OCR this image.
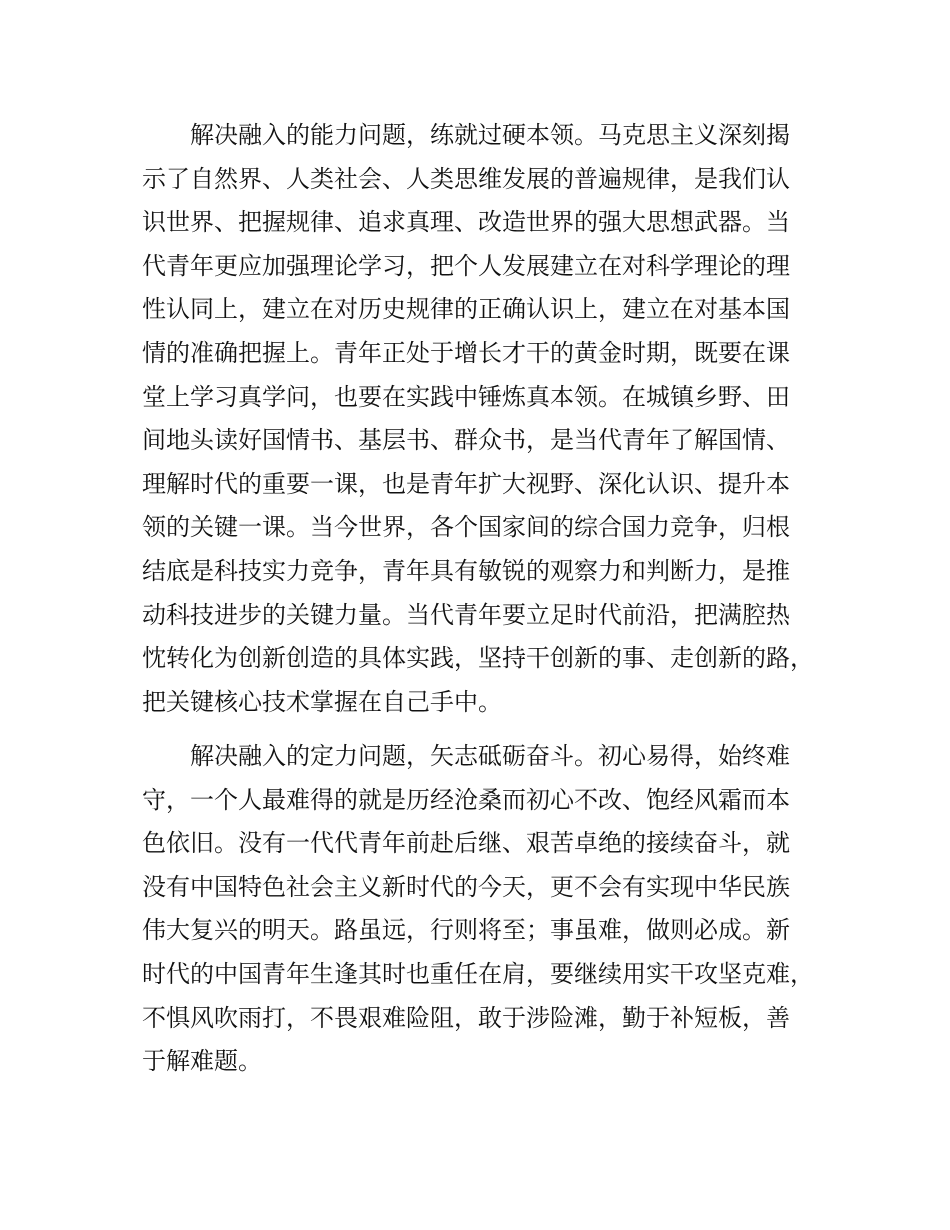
解决融入的能力问题，练就过硬本领。马克思主义深刻揭
示了自然界、人类社会、人类思维发展的普遍规律，是我们认
识世界、把握规律、追求真理、改造世界的强大思想武器。当
代青年更应加强理论学习，把个人发展建立在对科学理论的理
性认同上，建立在对历史规律的正确认识上，建立在对基本国
情的准确把握上。青年正处于增长才干的黄金时期，既要在课
堂上学习真学问，也要在实践中锤炼真本领。在城镇乡野、田
间地头读好国情书、基层书、群众书，是当代青年了解国情、
理解时代的重要一课，也是青年扩大视野、深化认识、提升本
领的关键一课。当今世界，各个国家间的综合国力竞争，归根
结底是科技实力竞争，青年具有敏锐的观察力和判断力，是推
动科技进步的关键力量。当代青年要立足时代前沿，把满腔热
忱转化为创新创造的具体实践，坚持干创新的事、走创新的路，
把关键核心技术掌握在自己手中。
解决融入的定力问题，矢志砥砺奋斗。初心易得，始终难
守，一个人最难得的就是历经沧桑而初心不改、饱经风霜而本
色依旧。没有一代代青年前赴后继、艰苦卓绝的接续奋斗，就
没有中国特色社会主义新时代的今天，更不会有实现中华民族
伟大复兴的明天。路虽远，行则将至；事虽难，做则必成。新
时代的中国青年生逢其时也重任在肩，要继续用实干攻坚克难，
不惧风吹雨打，不畏艰难险阻，敢于涉险滩，勤于补短板，善
于解难题。
